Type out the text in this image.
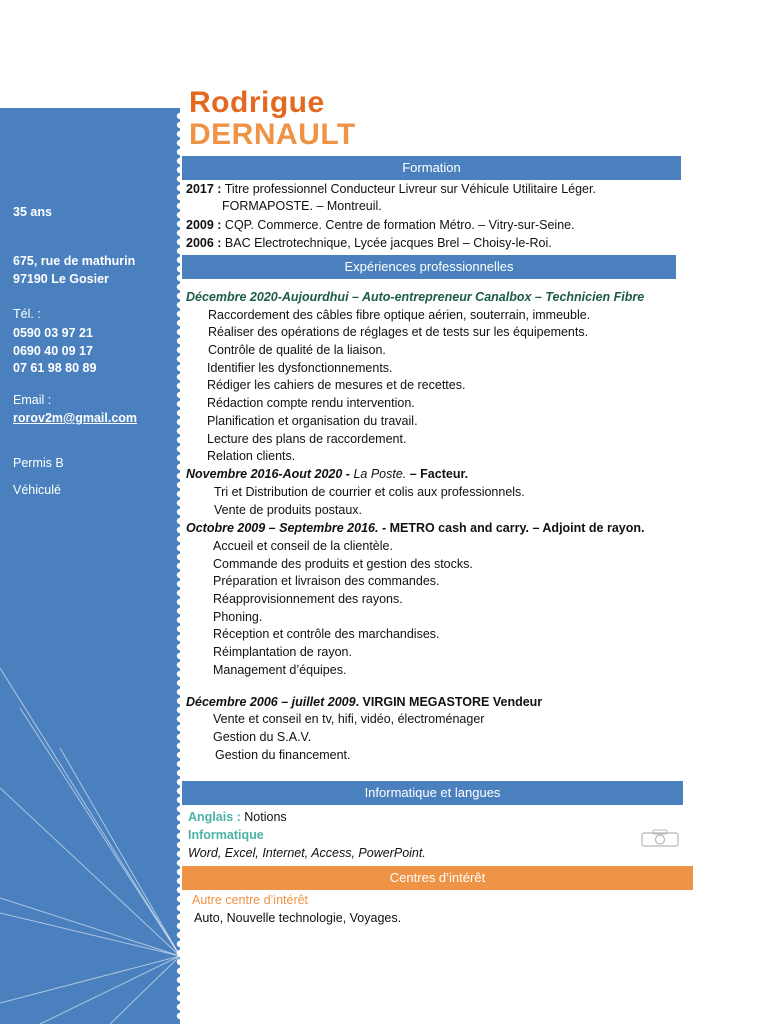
35 ans
675, rue de mathurin
97190 Le Gosier
Tél. :
0590 03 97 21
0690 40 09 17
07 61 98 80 89
Email :
rorov2m@gmail.com
Permis B
Véhiculé
Rodrigue
DERNAULT
Formation
2017 : Titre professionnel Conducteur Livreur sur Véhicule Utilitaire Léger.
FORMAPOSTE. – Montreuil.
2009 : CQP. Commerce. Centre de formation Métro. – Vitry-sur-Seine.
2006 : BAC Electrotechnique, Lycée jacques Brel – Choisy-le-Roi.
Expériences professionnelles
Décembre 2020-Aujourdhui – Auto-entrepreneur Canalbox – Technicien Fibre
Raccordement des câbles fibre optique aérien, souterrain, immeuble.
Réaliser des opérations de réglages et de tests sur les équipements.
Contrôle de qualité de la liaison.
Identifier les dysfonctionnements.
Rédiger les cahiers de mesures et de recettes.
Rédaction compte rendu intervention.
Planification et organisation du travail.
Lecture des plans de raccordement.
Relation clients.
Novembre 2016-Aout 2020 - La Poste. – Facteur.
Tri et Distribution de courrier et colis aux professionnels.
Vente de produits postaux.
Octobre 2009 – Septembre 2016. - METRO cash and carry. – Adjoint de rayon.
Accueil et conseil de la clientèle.
Commande des produits et gestion des stocks.
Préparation et livraison des commandes.
Réapprovisionnement des rayons.
Phoning.
Réception et contrôle des marchandises.
Réimplantation de rayon.
Management d’équipes.
Décembre 2006 – juillet 2009. VIRGIN MEGASTORE Vendeur
Vente et conseil en tv, hifi, vidéo, électroménager
Gestion du S.A.V.
Gestion du financement.
Informatique et langues
Anglais : Notions
Informatique
Word, Excel, Internet, Access, PowerPoint.
Centres d’intérêt
Autre centre d’intérêt
Auto, Nouvelle technologie, Voyages.
